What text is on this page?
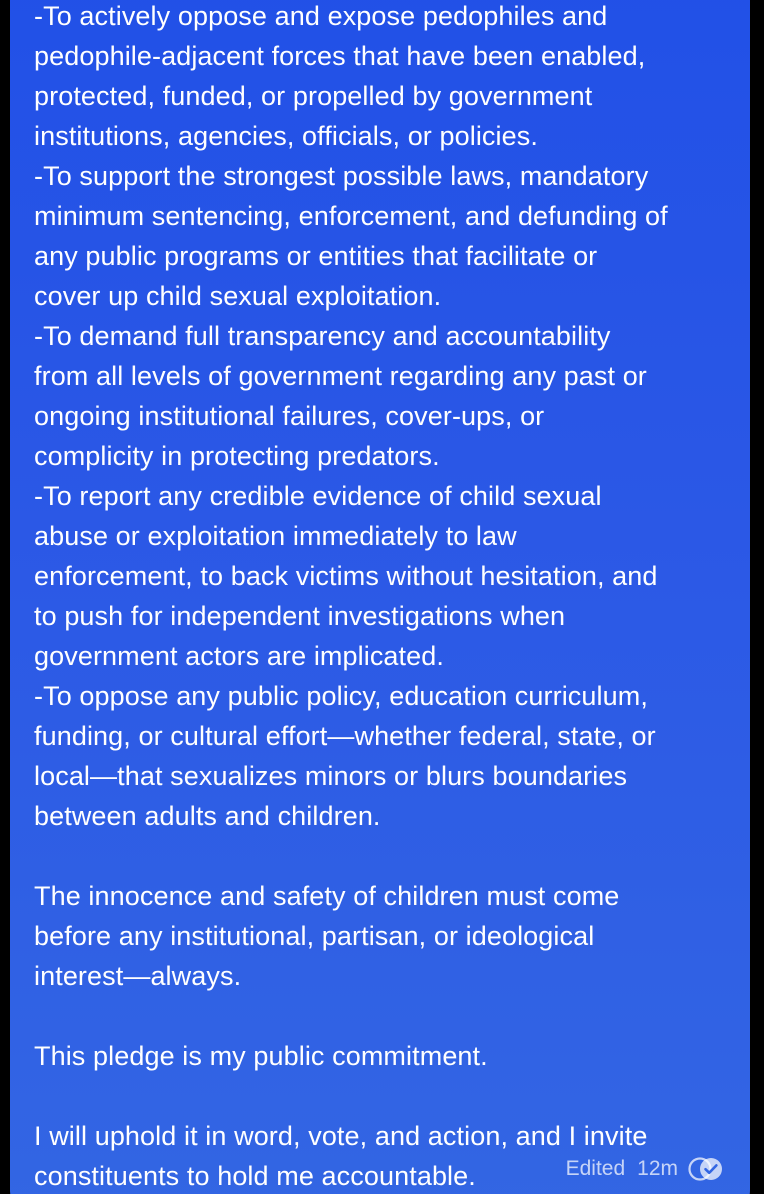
-To actively oppose and expose pedophiles and
pedophile-adjacent forces that have been enabled,
protected, funded, or propelled by government
institutions, agencies, officials, or policies.
-To support the strongest possible laws, mandatory
minimum sentencing, enforcement, and defunding of
any public programs or entities that facilitate or
cover up child sexual exploitation.
-To demand full transparency and accountability
from all levels of government regarding any past or
ongoing institutional failures, cover-ups, or
complicity in protecting predators.
-To report any credible evidence of child sexual
abuse or exploitation immediately to law
enforcement, to back victims without hesitation, and
to push for independent investigations when
government actors are implicated.
-To oppose any public policy, education curriculum,
funding, or cultural effort—whether federal, state, or
local—that sexualizes minors or blurs boundaries
between adults and children.
The innocence and safety of children must come
before any institutional, partisan, or ideological
interest—always.
This pledge is my public commitment.
I will uphold it in word, vote, and action, and I invite
constituents to hold me accountable.	Edited 12m
